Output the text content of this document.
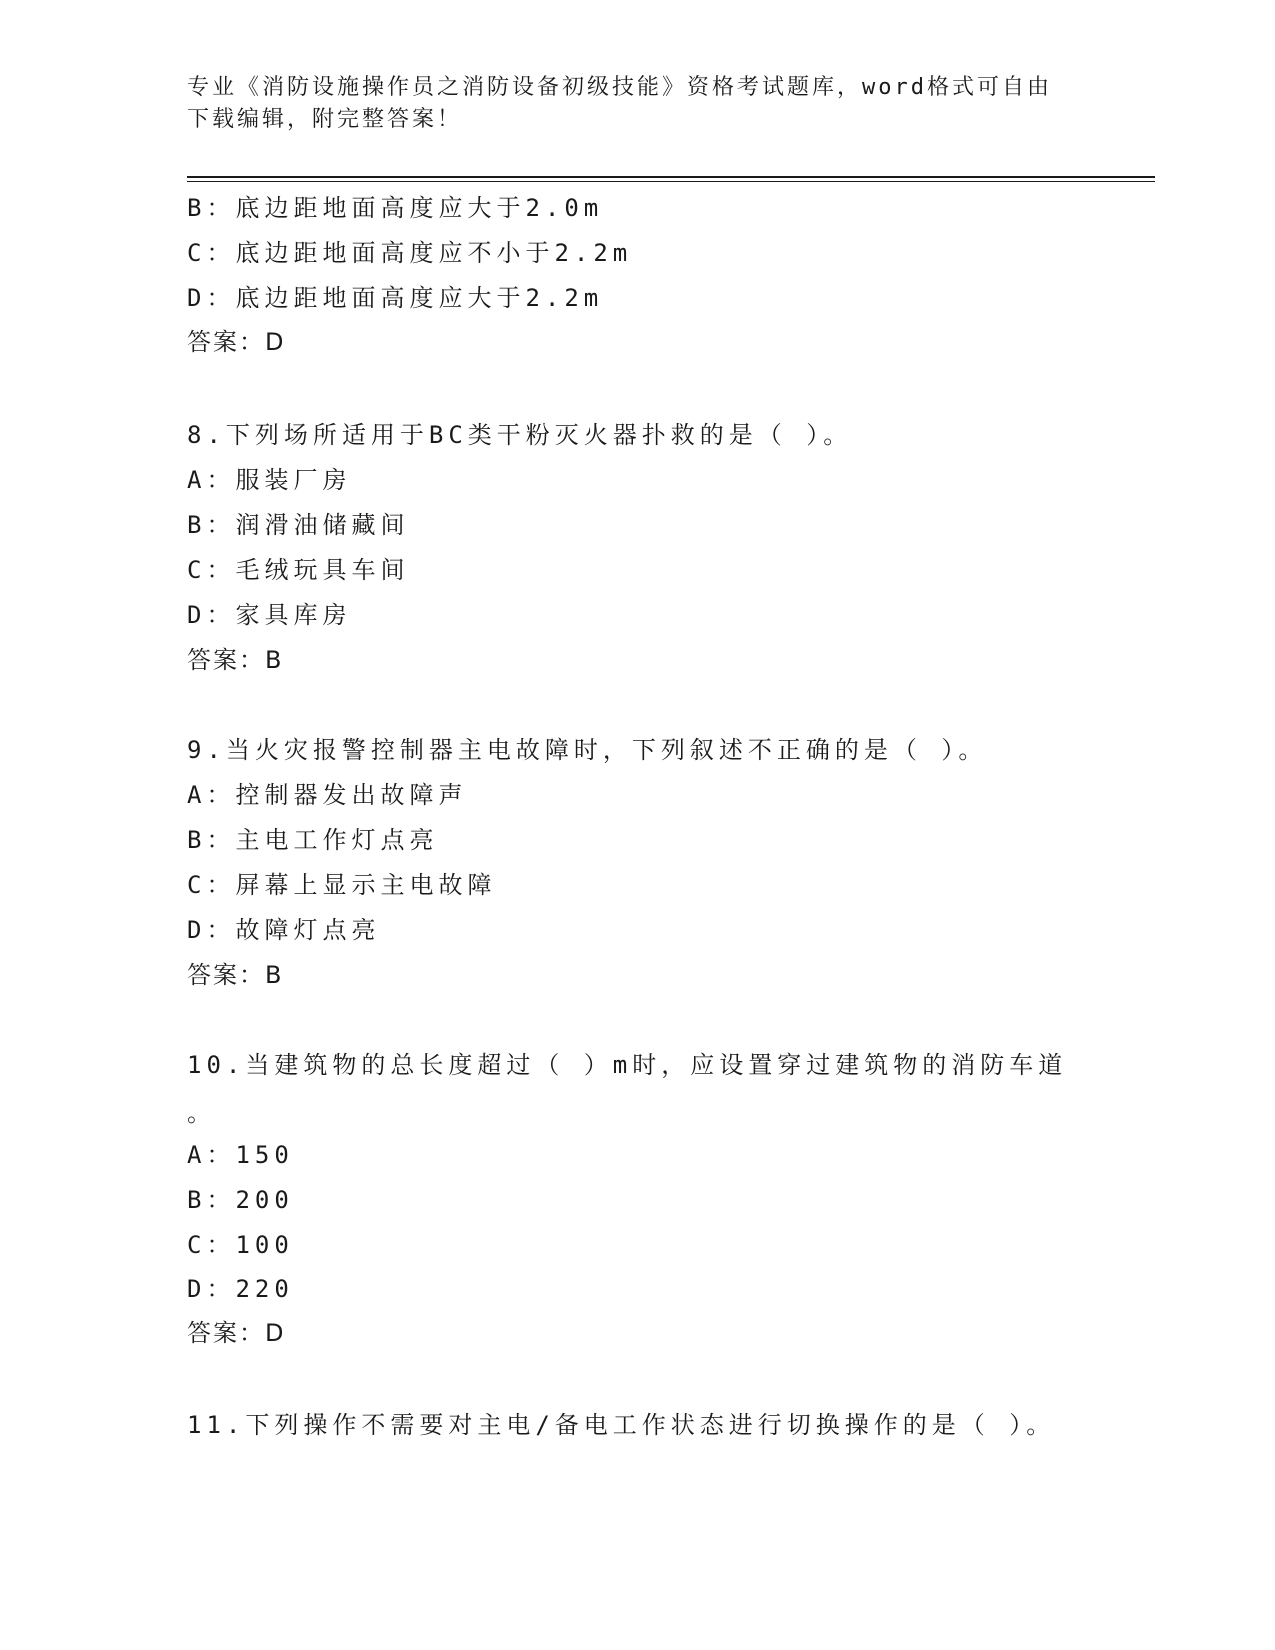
专业《消防设施操作员之消防设备初级技能》资格考试题库，word格式可自由下载编辑，附完整答案！
B：底边距地面高度应大于2.0m
C：底边距地面高度应不小于2.2m
D：底边距地面高度应大于2.2m
答案：D
8.下列场所适用于BC类干粉灭火器扑救的是（ ）。
A：服装厂房
B：润滑油储藏间
C：毛绒玩具车间
D：家具库房
答案：B
9.当火灾报警控制器主电故障时，下列叙述不正确的是（ ）。
A：控制器发出故障声
B：主电工作灯点亮
C：屏幕上显示主电故障
D：故障灯点亮
答案：B
10.当建筑物的总长度超过（ ）m时，应设置穿过建筑物的消防车道
。
A：150
B：200
C：100
D：220
答案：D
11.下列操作不需要对主电/备电工作状态进行切换操作的是（ ）。
